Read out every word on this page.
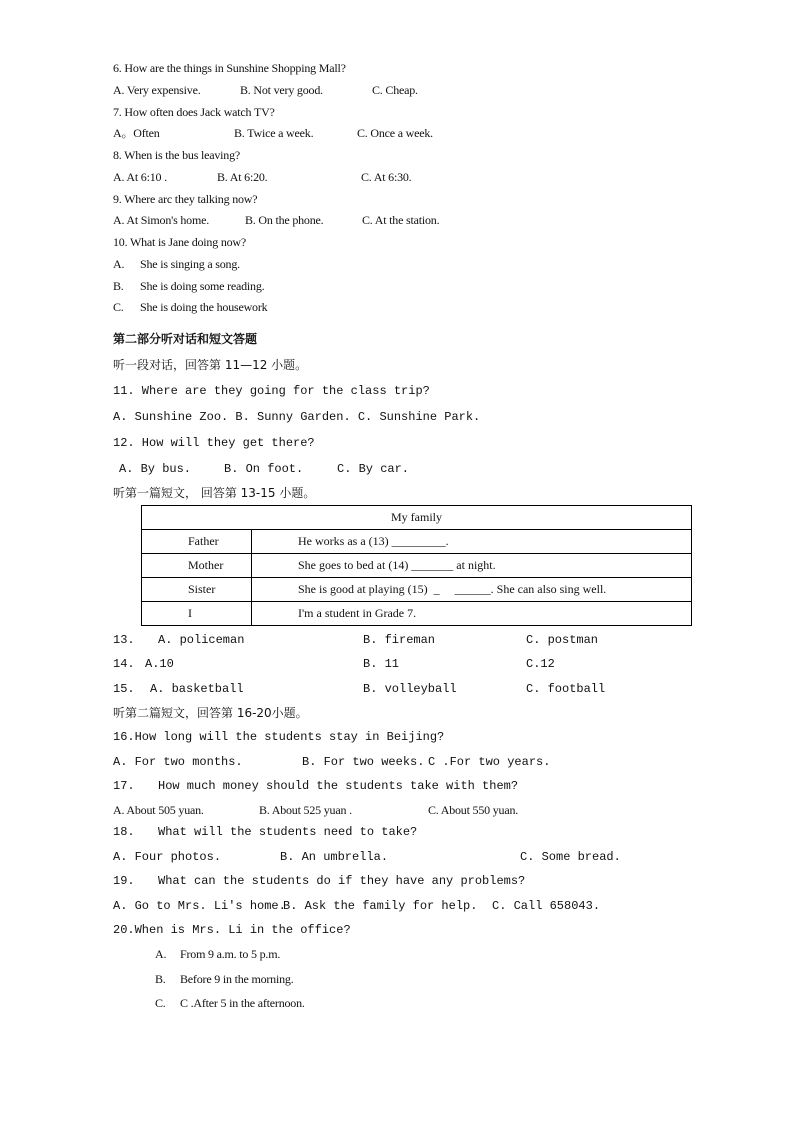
6. How are the things in Sunshine Shopping Mall?
A. Very expensive.	B. Not very good.	C. Cheap.
7. How often does Jack watch TV?
A。Often	B. Twice a week.	C. Once a week.
8. When is the bus leaving?
A. At 6:10 .	B. At 6:20.	C. At 6:30.
9. Where arc they talking now?
A. At Simon's home.	B. On the phone.	C. At the station.
10. What is Jane doing now?
A. She is singing a song.
B. She is doing some reading.
C. She is doing the housework
第二部分听对话和短文答题
听一段对话，回答第 11—12 小题。
11. Where are they going for the class trip?
A. Sunshine Zoo. B. Sunny Garden. C. Sunshine Park.
12. How will they get there?
A. By bus.	B. On foot.	C. By car.
听第一篇短文， 回答第 13-15 小题。
My family	
Father	He works as a (13) _________.
Mother	She goes to bed at (14) _______ at night.
Sister	She is good at playing (15)  _     ______. She can also sing well.
I	I'm a student in Grade 7.
13. A. policeman	B. fireman	C. postman
14. A.10	B. 11	C.12
15. A. basketball	B. volleyball	C. football
听第二篇短文，回答第 16-20小题。
16.How long will the students stay in Beijing?
A. For two months.	B. For two weeks. C .For two years.
17. How much money should the students take with them?
A. About 505 yuan.	B. About 525 yuan .	C. About 550 yuan.
18. What will the students need to take?
A. Four photos.	B. An umbrella.	C. Some bread.
19. What can the students do if they have any problems?
A. Go to Mrs. Li's home.
B. Ask the family for help. C. Call 658043.
20.When is Mrs. Li in the office?
A. From 9 a.m. to 5 p.m.
B. Before 9 in the morning.
C. C .After 5 in the afternoon.
